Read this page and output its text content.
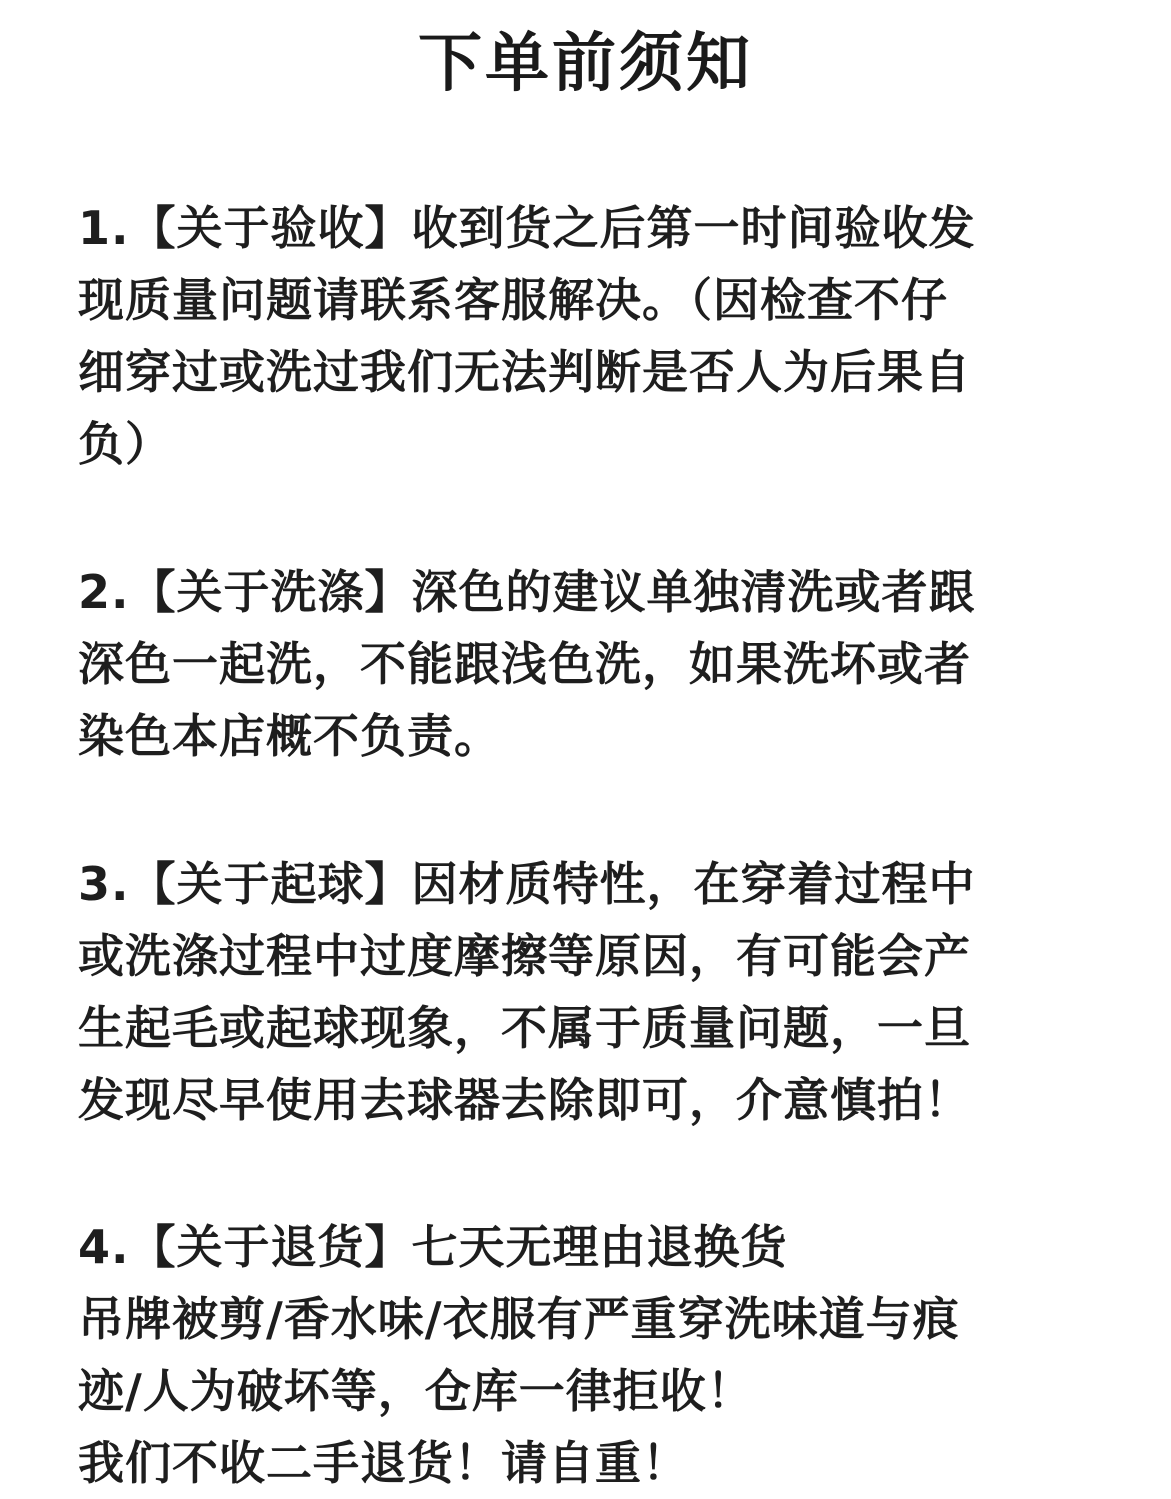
下单前须知
1.【关于验收】收到货之后第一时间验收发
现质量问题请联系客服解决。（因检查不仔
细穿过或洗过我们无法判断是否人为后果自
负）
2.【关于洗涤】深色的建议单独清洗或者跟
深色一起洗，不能跟浅色洗，如果洗坏或者
染色本店概不负责。
3.【关于起球】因材质特性，在穿着过程中
或洗涤过程中过度摩擦等原因，有可能会产
生起毛或起球现象，不属于质量问题，一旦
发现尽早使用去球器去除即可，介意慎拍！
4.【关于退货】七天无理由退换货
吊牌被剪/香水味/衣服有严重穿洗味道与痕
迹/人为破坏等，仓库一律拒收！
我们不收二手退货！请自重！
